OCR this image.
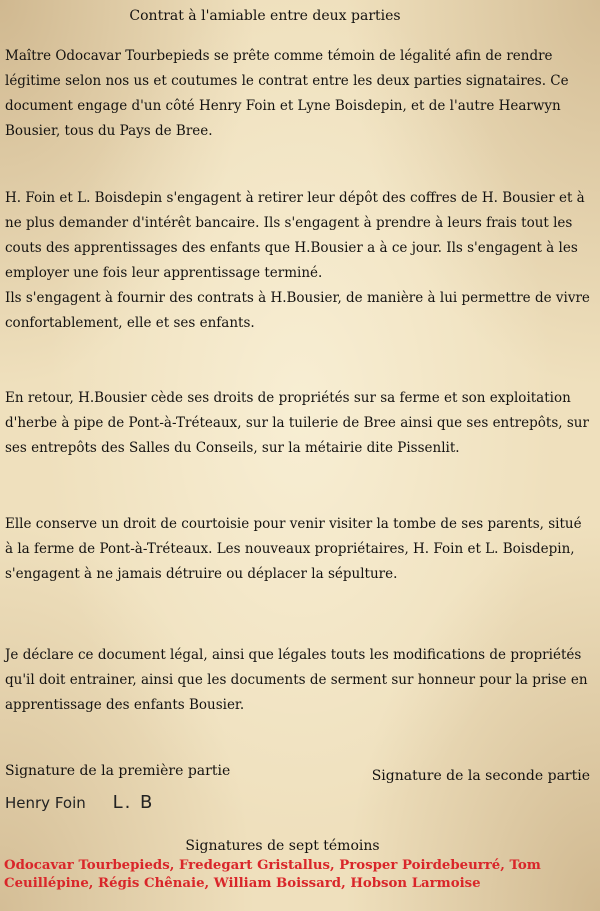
Contrat à l'amiable entre deux parties

Maître Odocavar Tourbepieds se prête comme témoin de légalité afin de rendre légitime selon nos us et coutumes le contrat entre les deux parties signataires. Ce document engage d'un côté Henry Foin et Lyne Boisdepin, et de l'autre Hearwyn Bousier, tous du Pays de Bree.

H. Foin et L. Boisdepin s'engagent à retirer leur dépôt des coffres de H. Bousier et à ne plus demander d'intérêt bancaire. Ils s'engagent à prendre à leurs frais tout les couts des apprentissages des enfants que H.Bousier a à ce jour. Ils s'engagent à les employer une fois leur apprentissage terminé.
Ils s'engagent à fournir des contrats à H.Bousier, de manière à lui permettre de vivre confortablement, elle et ses enfants.

En retour, H.Bousier cède ses droits de propriétés sur sa ferme et son exploitation d'herbe à pipe de Pont-à-Tréteaux, sur la tuilerie de Bree ainsi que ses entrepôts, sur ses entrepôts des Salles du Conseils, sur la métairie dite Pissenlit.

Elle conserve un droit de courtoisie pour venir visiter la tombe de ses parents, situé à la ferme de Pont-à-Tréteaux. Les nouveaux propriétaires, H. Foin et L. Boisdepin, s'engagent à ne jamais détruire ou déplacer la sépulture.

Je déclare ce document légal, ainsi que légales touts les modifications de propriétés qu'il doit entrainer, ainsi que les documents de serment sur honneur pour la prise en apprentissage des enfants Bousier.

Signature de la première partie	Signature de la seconde partie
Henry Foin L. B
Signatures de sept témoins

Odocavar Tourbepieds, Fredegart Gristallus, Prosper Poirdebeurré, Tom Ceuillépine, Régis Chênaie, William Boissard, Hobson Larmoise
